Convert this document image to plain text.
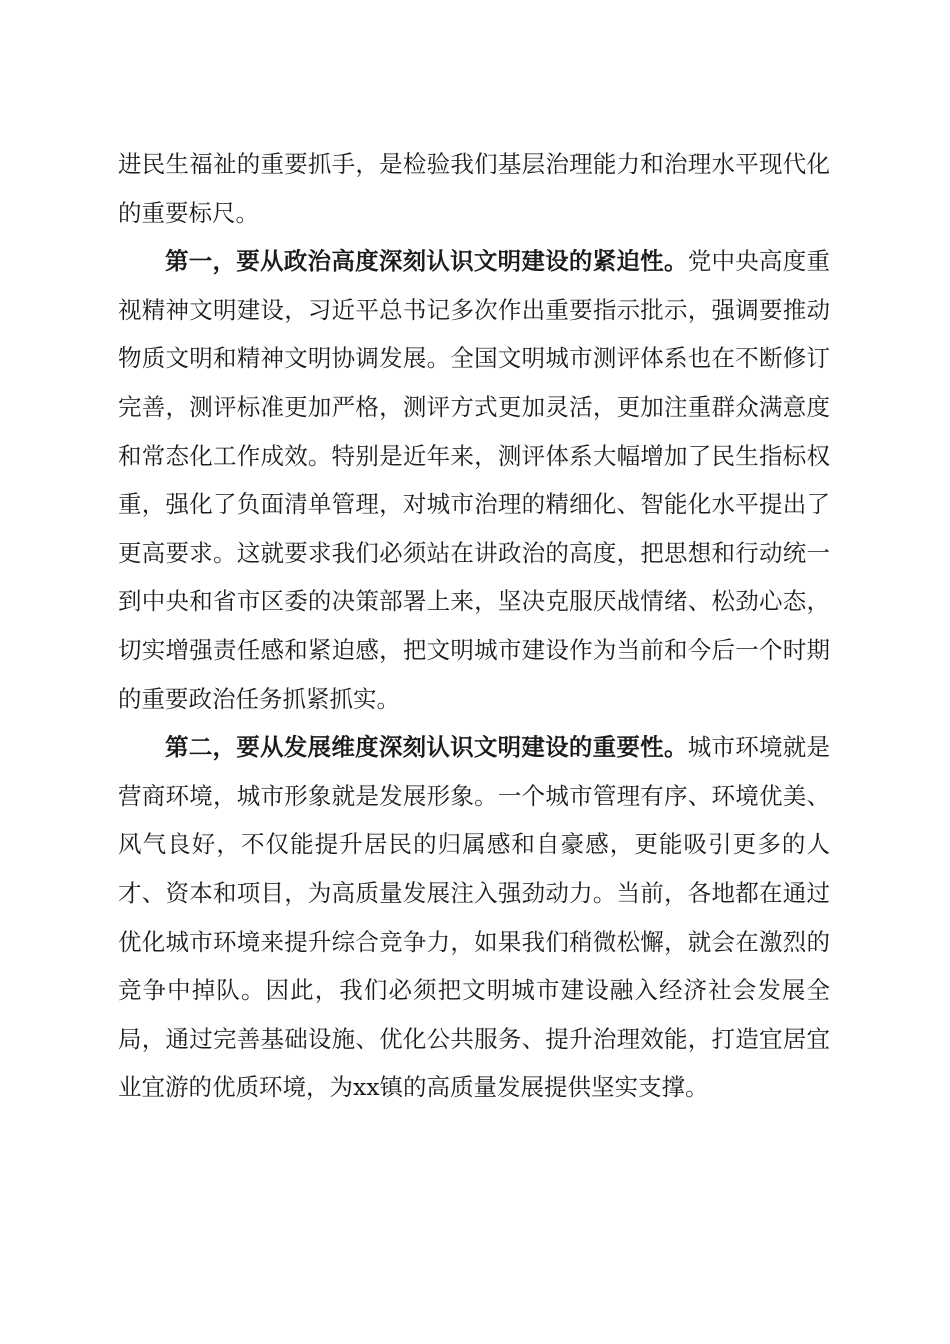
进民生福祉的重要抓手，是检验我们基层治理能力和治理水平现代化的重要标尺。

第一，要从政治高度深刻认识文明建设的紧迫性。党中央高度重视精神文明建设，习近平总书记多次作出重要指示批示，强调要推动物质文明和精神文明协调发展。全国文明城市测评体系也在不断修订完善，测评标准更加严格，测评方式更加灵活，更加注重群众满意度和常态化工作成效。特别是近年来，测评体系大幅增加了民生指标权重，强化了负面清单管理，对城市治理的精细化、智能化水平提出了更高要求。这就要求我们必须站在讲政治的高度，把思想和行动统一到中央和省市区委的决策部署上来，坚决克服厌战情绪、松劲心态，切实增强责任感和紧迫感，把文明城市建设作为当前和今后一个时期的重要政治任务抓紧抓实。

第二，要从发展维度深刻认识文明建设的重要性。城市环境就是营商环境，城市形象就是发展形象。一个城市管理有序、环境优美、风气良好，不仅能提升居民的归属感和自豪感，更能吸引更多的人才、资本和项目，为高质量发展注入强劲动力。当前，各地都在通过优化城市环境来提升综合竞争力，如果我们稍微松懈，就会在激烈的竞争中掉队。因此，我们必须把文明城市建设融入经济社会发展全局，通过完善基础设施、优化公共服务、提升治理效能，打造宜居宜业宜游的优质环境，为xx镇的高质量发展提供坚实支撑。
